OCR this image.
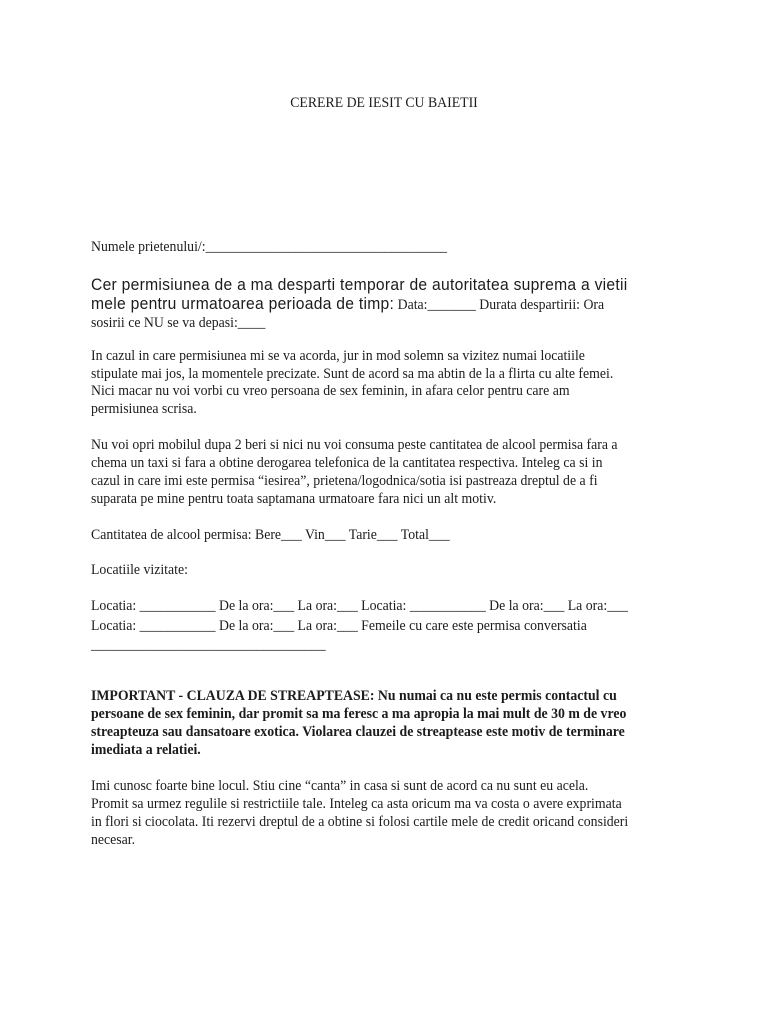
CERERE DE IESIT CU BAIETII
Numele prietenului/:___________________________________
Cer permisiunea de a ma desparti temporar de autoritatea suprema a vietii
mele pentru urmatoarea perioada de timp: Data:_______ Durata despartirii: Ora
sosirii ce NU se va depasi:____
In cazul in care permisiunea mi se va acorda, jur in mod solemn sa vizitez numai locatiile
stipulate mai jos, la momentele precizate. Sunt de acord sa ma abtin de la a flirta cu alte femei.
Nici macar nu voi vorbi cu vreo persoana de sex feminin, in afara celor pentru care am
permisiunea scrisa.
Nu voi opri mobilul dupa 2 beri si nici nu voi consuma peste cantitatea de alcool permisa fara a
chema un taxi si fara a obtine derogarea telefonica de la cantitatea respectiva. Inteleg ca si in
cazul in care imi este permisa “iesirea”, prietena/logodnica/sotia isi pastreaza dreptul de a fi
suparata pe mine pentru toata saptamana urmatoare fara nici un alt motiv.
Cantitatea de alcool permisa: Bere___ Vin___ Tarie___ Total___
Locatiile vizitate:
Locatia: ___________ De la ora:___ La ora:___ Locatia: ___________ De la ora:___ La ora:___
Locatia: ___________ De la ora:___ La ora:___ Femeile cu care este permisa conversatia
__________________________________
IMPORTANT - CLAUZA DE STREAPTEASE: Nu numai ca nu este permis contactul cu
persoane de sex feminin, dar promit sa ma feresc a ma apropia la mai mult de 30 m de vreo
streapteuza sau dansatoare exotica. Violarea clauzei de streaptease este motiv de terminare
imediata a relatiei.
Imi cunosc foarte bine locul. Stiu cine “canta” in casa si sunt de acord ca nu sunt eu acela.
Promit sa urmez regulile si restrictiile tale. Inteleg ca asta oricum ma va costa o avere exprimata
in flori si ciocolata. Iti rezervi dreptul de a obtine si folosi cartile mele de credit oricand consideri
necesar.
